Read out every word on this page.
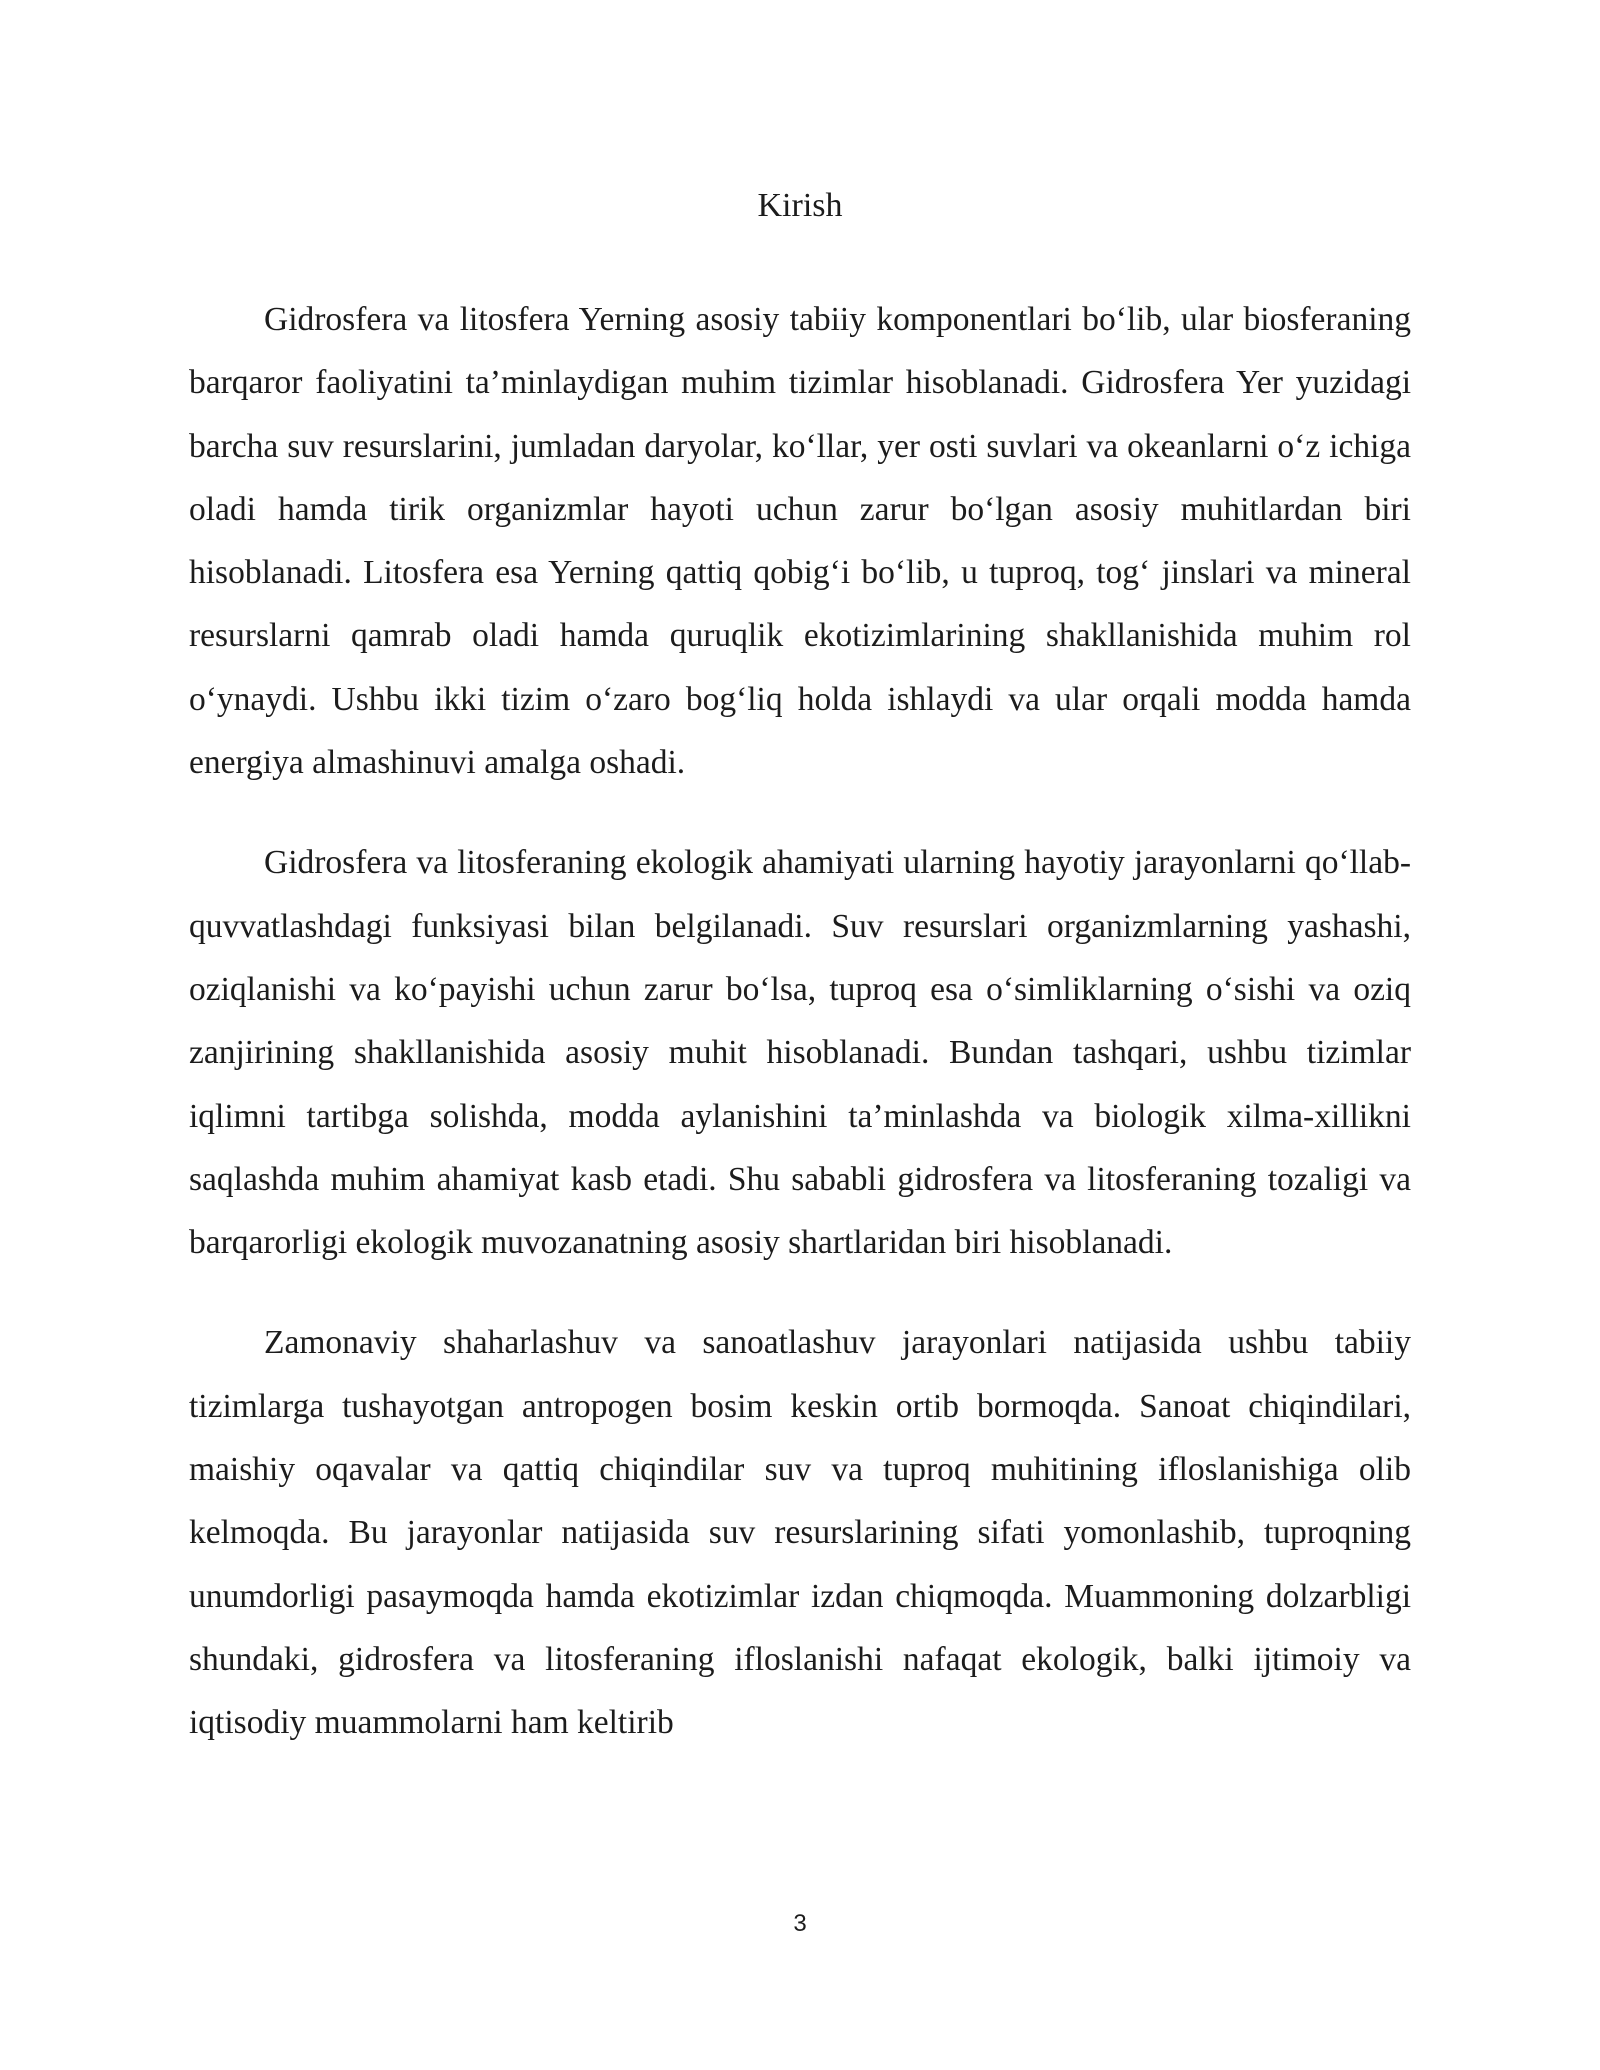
Kirish

Gidrosfera va litosfera Yerning asosiy tabiiy komponentlari bo‘lib, ular biosferaning barqaror faoliyatini ta’minlaydigan muhim tizimlar hisoblanadi. Gidrosfera Yer yuzidagi barcha suv resurslarini, jumladan daryolar, ko‘llar, yer osti suvlari va okeanlarni o‘z ichiga oladi hamda tirik organizmlar hayoti uchun zarur bo‘lgan asosiy muhitlardan biri hisoblanadi. Litosfera esa Yerning qattiq qobig‘i bo‘lib, u tuproq, tog‘ jinslari va mineral resurslarni qamrab oladi hamda quruqlik ekotizimlarining shakllanishida muhim rol o‘ynaydi. Ushbu ikki tizim o‘zaro bog‘liq holda ishlaydi va ular orqali modda hamda energiya almashinuvi amalga oshadi.

Gidrosfera va litosferaning ekologik ahamiyati ularning hayotiy jarayonlarni qo‘llab-quvvatlashdagi funksiyasi bilan belgilanadi. Suv resurslari organizmlarning yashashi, oziqlanishi va ko‘payishi uchun zarur bo‘lsa, tuproq esa o‘simliklarning o‘sishi va oziq zanjirining shakllanishida asosiy muhit hisoblanadi. Bundan tashqari, ushbu tizimlar iqlimni tartibga solishda, modda aylanishini ta’minlashda va biologik xilma-xillikni saqlashda muhim ahamiyat kasb etadi. Shu sababli gidrosfera va litosferaning tozaligi va barqarorligi ekologik muvozanatning asosiy shartlaridan biri hisoblanadi.

Zamonaviy shaharlashuv va sanoatlashuv jarayonlari natijasida ushbu tabiiy tizimlarga tushayotgan antropogen bosim keskin ortib bormoqda. Sanoat chiqindilari, maishiy oqavalar va qattiq chiqindilar suv va tuproq muhitining ifloslanishiga olib kelmoqda. Bu jarayonlar natijasida suv resurslarining sifati yomonlashib, tuproqning unumdorligi pasaymoqda hamda ekotizimlar izdan chiqmoqda. Muammoning dolzarbligi shundaki, gidrosfera va litosferaning ifloslanishi nafaqat ekologik, balki ijtimoiy va iqtisodiy muammolarni ham keltirib

3
